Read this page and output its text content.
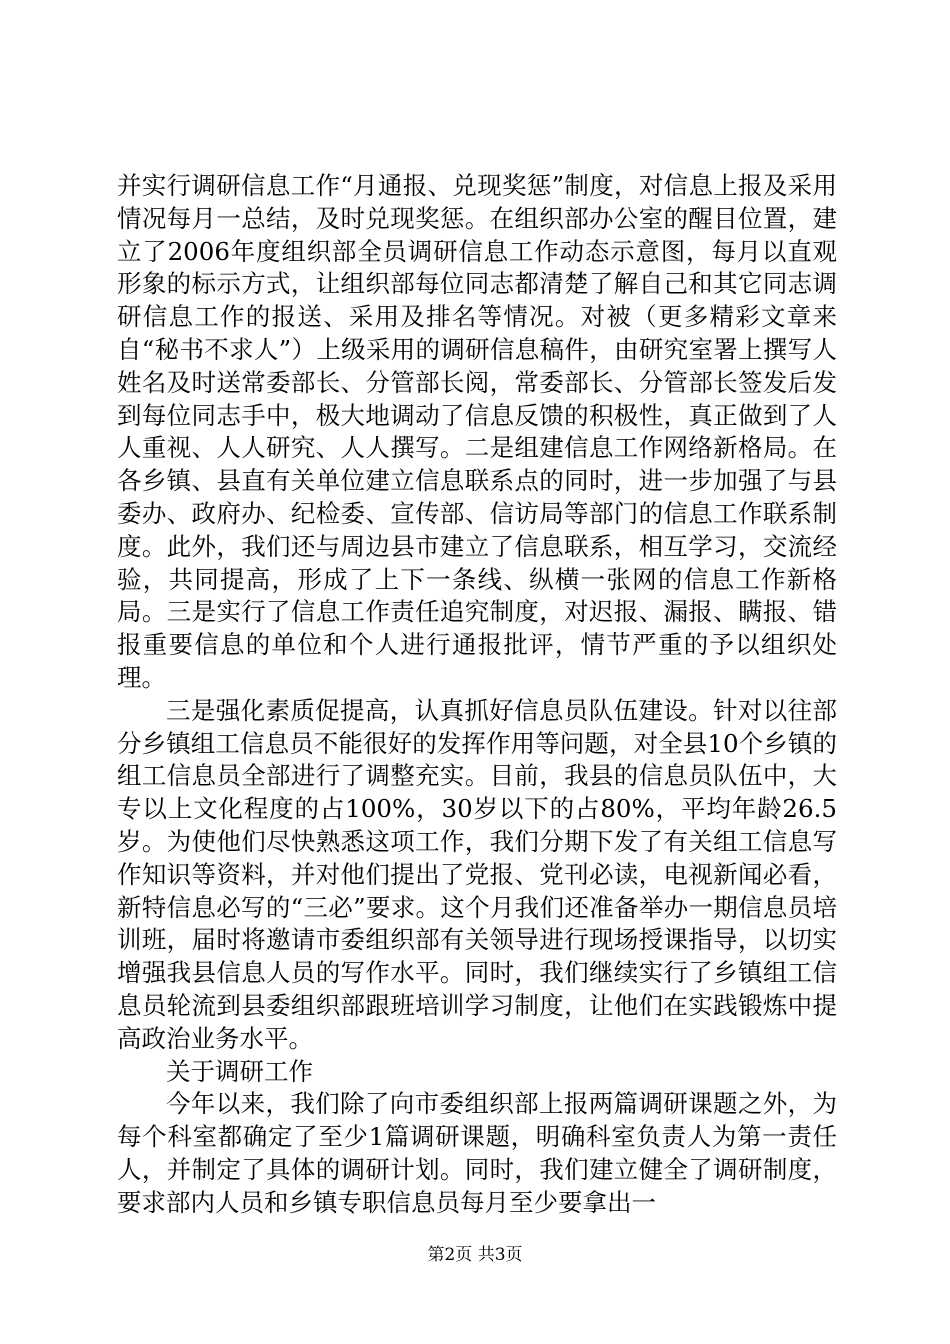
并实行调研信息工作“月通报、兑现奖惩”制度，对信息上报及采用情况每月一总结，及时兑现奖惩。在组织部办公室的醒目位置，建立了2006年度组织部全员调研信息工作动态示意图，每月以直观形象的标示方式，让组织部每位同志都清楚了解自己和其它同志调研信息工作的报送、采用及排名等情况。对被（更多精彩文章来自“秘书不求人”）上级采用的调研信息稿件，由研究室署上撰写人姓名及时送常委部长、分管部长阅，常委部长、分管部长签发后发到每位同志手中，极大地调动了信息反馈的积极性，真正做到了人人重视、人人研究、人人撰写。二是组建信息工作网络新格局。在各乡镇、县直有关单位建立信息联系点的同时，进一步加强了与县委办、政府办、纪检委、宣传部、信访局等部门的信息工作联系制度。此外，我们还与周边县市建立了信息联系，相互学习，交流经验，共同提高，形成了上下一条线、纵横一张网的信息工作新格局。三是实行了信息工作责任追究制度，对迟报、漏报、瞒报、错报重要信息的单位和个人进行通报批评，情节严重的予以组织处理。

三是强化素质促提高，认真抓好信息员队伍建设。针对以往部分乡镇组工信息员不能很好的发挥作用等问题，对全县10个乡镇的组工信息员全部进行了调整充实。目前，我县的信息员队伍中，大专以上文化程度的占100%，30岁以下的占80%，平均年龄26.5岁。为使他们尽快熟悉这项工作，我们分期下发了有关组工信息写作知识等资料，并对他们提出了党报、党刊必读，电视新闻必看，新特信息必写的“三必”要求。这个月我们还准备举办一期信息员培训班，届时将邀请市委组织部有关领导进行现场授课指导，以切实增强我县信息人员的写作水平。同时，我们继续实行了乡镇组工信息员轮流到县委组织部跟班培训学习制度，让他们在实践锻炼中提高政治业务水平。

关于调研工作

今年以来，我们除了向市委组织部上报两篇调研课题之外，为每个科室都确定了至少1篇调研课题，明确科室负责人为第一责任人，并制定了具体的调研计划。同时，我们建立健全了调研制度，要求部内人员和乡镇专职信息员每月至少要拿出一

第2页 共3页
